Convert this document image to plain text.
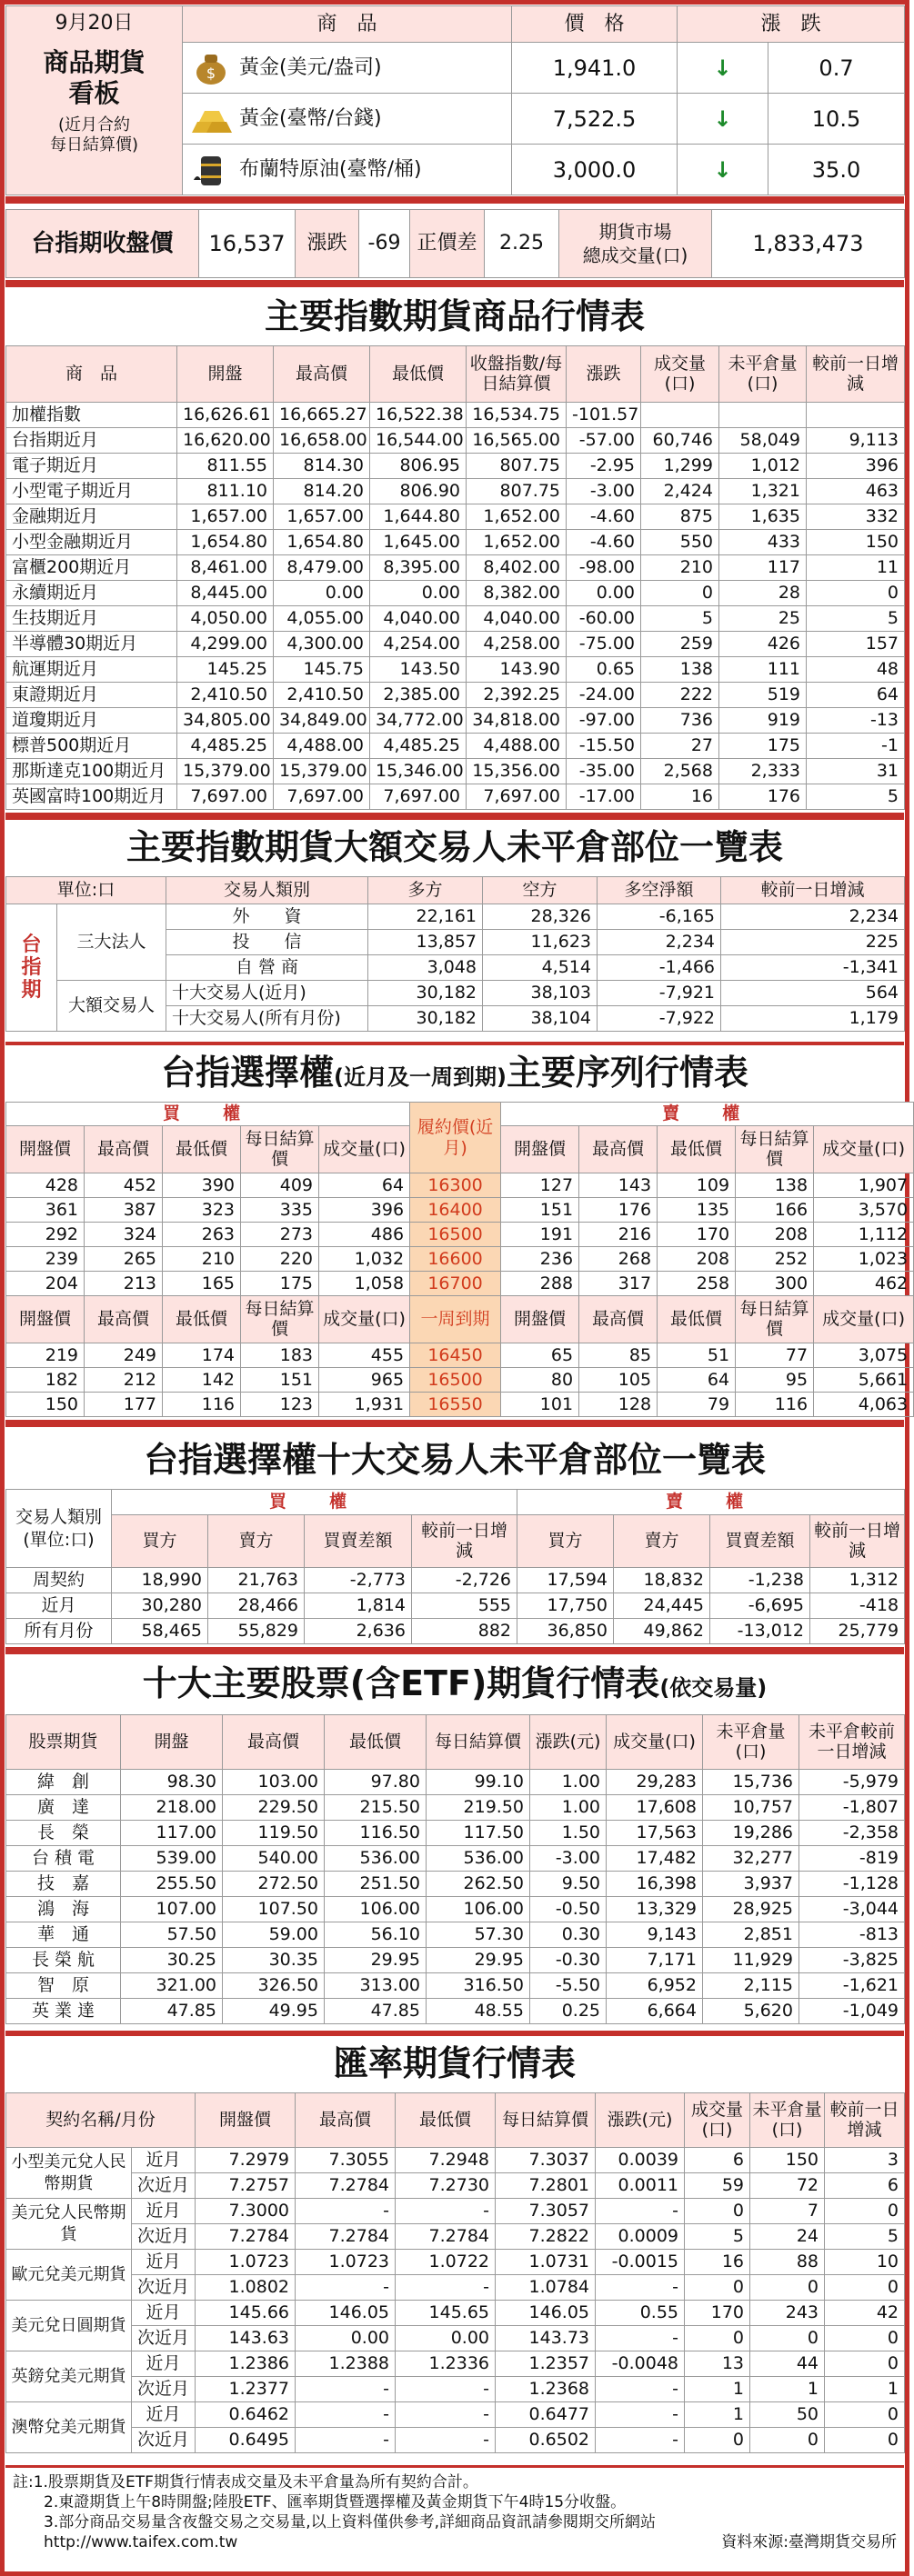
9月20日
商品期貨
看板
(近月合約
每日結算價)	商　品	價　格	漲　跌	

$ 黃金(美元/盎司)	1,941.0	↓	0.7
	黃金(臺幣/台錢)	7,522.5	↓	10.5
	布蘭特原油(臺幣/桶)	3,000.0	↓	35.0
台指期收盤價	16,537	漲跌	-69	正價差	2.25	期貨市場
總成交量(口)	1,833,473
主要指數期貨商品行情表
商　品	開盤	最高價	最低價	收盤指數/每日結算價	漲跌	成交量(口)	未平倉量(口)	較前一日增減
加權指數	16,626.61	16,665.27	16,522.38	16,534.75	-101.57			
台指期近月	16,620.00	16,658.00	16,544.00	16,565.00	-57.00	60,746	58,049	9,113
電子期近月	811.55	814.30	806.95	807.75	-2.95	1,299	1,012	396
小型電子期近月	811.10	814.20	806.90	807.75	-3.00	2,424	1,321	463
金融期近月	1,657.00	1,657.00	1,644.80	1,652.00	-4.60	875	1,635	332
小型金融期近月	1,654.80	1,654.80	1,645.00	1,652.00	-4.60	550	433	150
富櫃200期近月	8,461.00	8,479.00	8,395.00	8,402.00	-98.00	210	117	11
永續期近月	8,445.00	0.00	0.00	8,382.00	0.00	0	28	0
生技期近月	4,050.00	4,055.00	4,040.00	4,040.00	-60.00	5	25	5
半導體30期近月	4,299.00	4,300.00	4,254.00	4,258.00	-75.00	259	426	157
航運期近月	145.25	145.75	143.50	143.90	0.65	138	111	48
東證期近月	2,410.50	2,410.50	2,385.00	2,392.25	-24.00	222	519	64
道瓊期近月	34,805.00	34,849.00	34,772.00	34,818.00	-97.00	736	919	-13
標普500期近月	4,485.25	4,488.00	4,485.25	4,488.00	-15.50	27	175	-1
那斯達克100期近月	15,379.00	15,379.00	15,346.00	15,356.00	-35.00	2,568	2,333	31
英國富時100期近月	7,697.00	7,697.00	7,697.00	7,697.00	-17.00	16	176	5
主要指數期貨大額交易人未平倉部位一覽表
單位:口		交易人類別	多方	空方	多空淨額	較前一日增減
台指期	三大法人	外　　資	22,161	28,326	-6,165	2,234
		投　　信	13,857	11,623	2,234	225
		自 營 商	3,048	4,514	-1,466	-1,341
	大額交易人	十大交易人(近月)	30,182	38,103	-7,921	564
		十大交易人(所有月份)	30,182	38,104	-7,922	1,179
台指選擇權(近月及一周到期)主要序列行情表
買　權					履約價(近月)	賣　權				
開盤價	最高價	最低價	每日結算價	成交量(口)		開盤價	最高價	最低價	每日結算價	成交量(口)
428	452	390	409	64	16300	127	143	109	138	1,907
361	387	323	335	396	16400	151	176	135	166	3,570
292	324	263	273	486	16500	191	216	170	208	1,112
239	265	210	220	1,032	16600	236	268	208	252	1,023
204	213	165	175	1,058	16700	288	317	258	300	462
開盤價	最高價	最低價	每日結算價	成交量(口)	一周到期	開盤價	最高價	最低價	每日結算價	成交量(口)
219	249	174	183	455	16450	65	85	51	77	3,075
182	212	142	151	965	16500	80	105	64	95	5,661
150	177	116	123	1,931	16550	101	128	79	116	4,063
台指選擇權十大交易人未平倉部位一覽表
交易人類別
(單位:口)	買　權				賣　權			
	買方	賣方	買賣差額	較前一日增減	買方	賣方	買賣差額	較前一日增減
周契約	18,990	21,763	-2,773	-2,726	17,594	18,832	-1,238	1,312
近月	30,280	28,466	1,814	555	17,750	24,445	-6,695	-418
所有月份	58,465	55,829	2,636	882	36,850	49,862	-13,012	25,779
十大主要股票(含ETF)期貨行情表(依交易量)
股票期貨	開盤	最高價	最低價	每日結算價	漲跌(元)	成交量(口)	未平倉量(口)	未平倉較前一日增減
緯　創	98.30	103.00	97.80	99.10	1.00	29,283	15,736	-5,979
廣　達	218.00	229.50	215.50	219.50	1.00	17,608	10,757	-1,807
長　榮	117.00	119.50	116.50	117.50	1.50	17,563	19,286	-2,358
台 積 電	539.00	540.00	536.00	536.00	-3.00	17,482	32,277	-819
技　嘉	255.50	272.50	251.50	262.50	9.50	16,398	3,937	-1,128
鴻　海	107.00	107.50	106.00	106.00	-0.50	13,329	28,925	-3,044
華　通	57.50	59.00	56.10	57.30	0.30	9,143	2,851	-813
長 榮 航	30.25	30.35	29.95	29.95	-0.30	7,171	11,929	-3,825
智　原	321.00	326.50	313.00	316.50	-5.50	6,952	2,115	-1,621
英 業 達	47.85	49.95	47.85	48.55	0.25	6,664	5,620	-1,049
匯率期貨行情表
契約名稱/月份		開盤價	最高價	最低價	每日結算價	漲跌(元)	成交量(口)	未平倉量(口)	較前一日增減
小型美元兌人民幣期貨	近月	7.2979	7.3055	7.2948	7.3037	0.0039	6	150	3
	次近月	7.2757	7.2784	7.2730	7.2801	0.0011	59	72	6
美元兌人民幣期貨	近月	7.3000	-	-	7.3057	-	0	7	0
	次近月	7.2784	7.2784	7.2784	7.2822	0.0009	5	24	5
歐元兌美元期貨	近月	1.0723	1.0723	1.0722	1.0731	-0.0015	16	88	10
	次近月	1.0802	-	-	1.0784	-	0	0	0
美元兌日圓期貨	近月	145.66	146.05	145.65	146.05	0.55	170	243	42
	次近月	143.63	0.00	0.00	143.73	-	0	0	0
英鎊兌美元期貨	近月	1.2386	1.2388	1.2336	1.2357	-0.0048	13	44	0
	次近月	1.2377	-	-	1.2368	-	1	1	1
澳幣兌美元期貨	近月	0.6462	-	-	0.6477	-	1	50	0
	次近月	0.6495	-	-	0.6502	-	0	0	0
註:1.股票期貨及ETF期貨行情表成交量及未平倉量為所有契約合計。
2.東證期貨上午8時開盤;陸股ETF、匯率期貨暨選擇權及黃金期貨下午4時15分收盤。
3.部分商品交易量含夜盤交易之交易量,以上資料僅供參考,詳細商品資訊請參閱期交所網站
http://www.taifex.com.tw	資料來源:臺灣期貨交易所
